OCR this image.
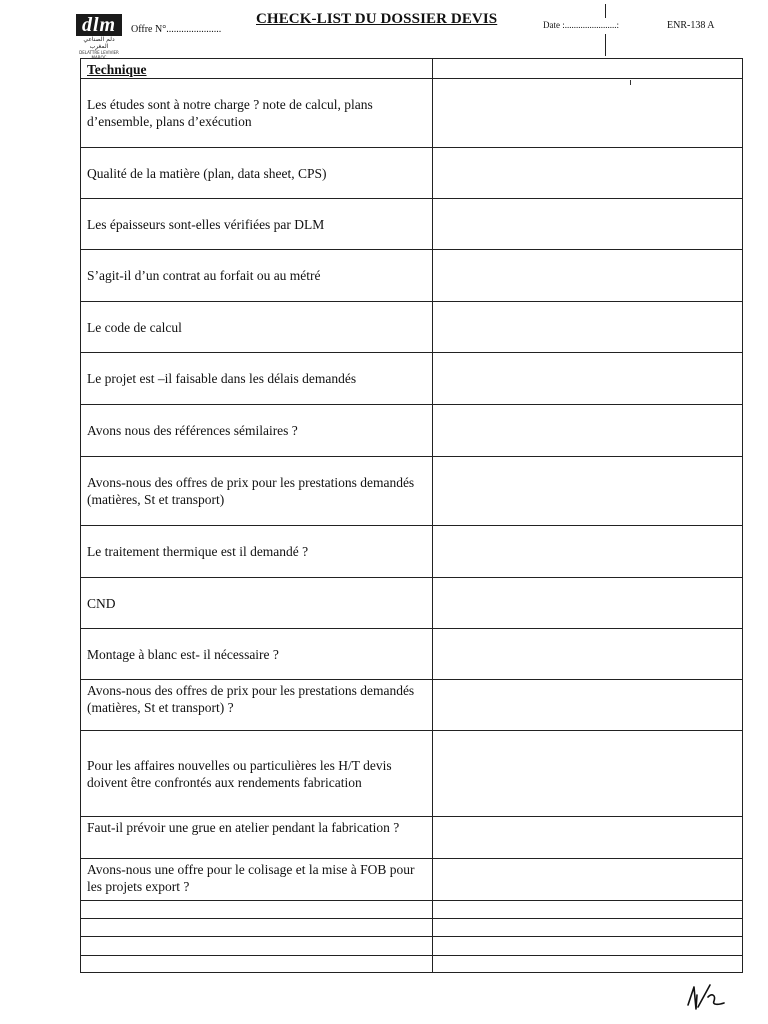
dlm
دلم الصناعي المغرب
DELATTRE LEVIVIER MAROC
Offre N°......................
CHECK-LIST DU DOSSIER DEVIS	Date :.......................:	ENR-138 A
Technique	
Les études sont à notre charge ? note de calcul, plans d’ensemble, plans d’exécution	
Qualité de la matière (plan, data sheet, CPS)	
Les épaisseurs sont-elles vérifiées par DLM	
S’agit-il d’un contrat au forfait ou au métré	
Le code de calcul	
Le projet est –il faisable dans les délais demandés	
Avons nous des références sémilaires ?	
Avons-nous des offres de prix pour les prestations demandés (matières, St et transport)	
Le traitement thermique est il demandé ?	
CND	
Montage à blanc est- il nécessaire ?	
Avons-nous des offres de prix pour les prestations demandés (matières, St et transport) ?	
Pour les affaires nouvelles ou particulières les H/T devis doivent être confrontés aux rendements fabrication	
Faut-il prévoir une grue en atelier pendant la fabrication ?	
Avons-nous une offre pour le colisage et la mise à FOB pour les projets export ?	
